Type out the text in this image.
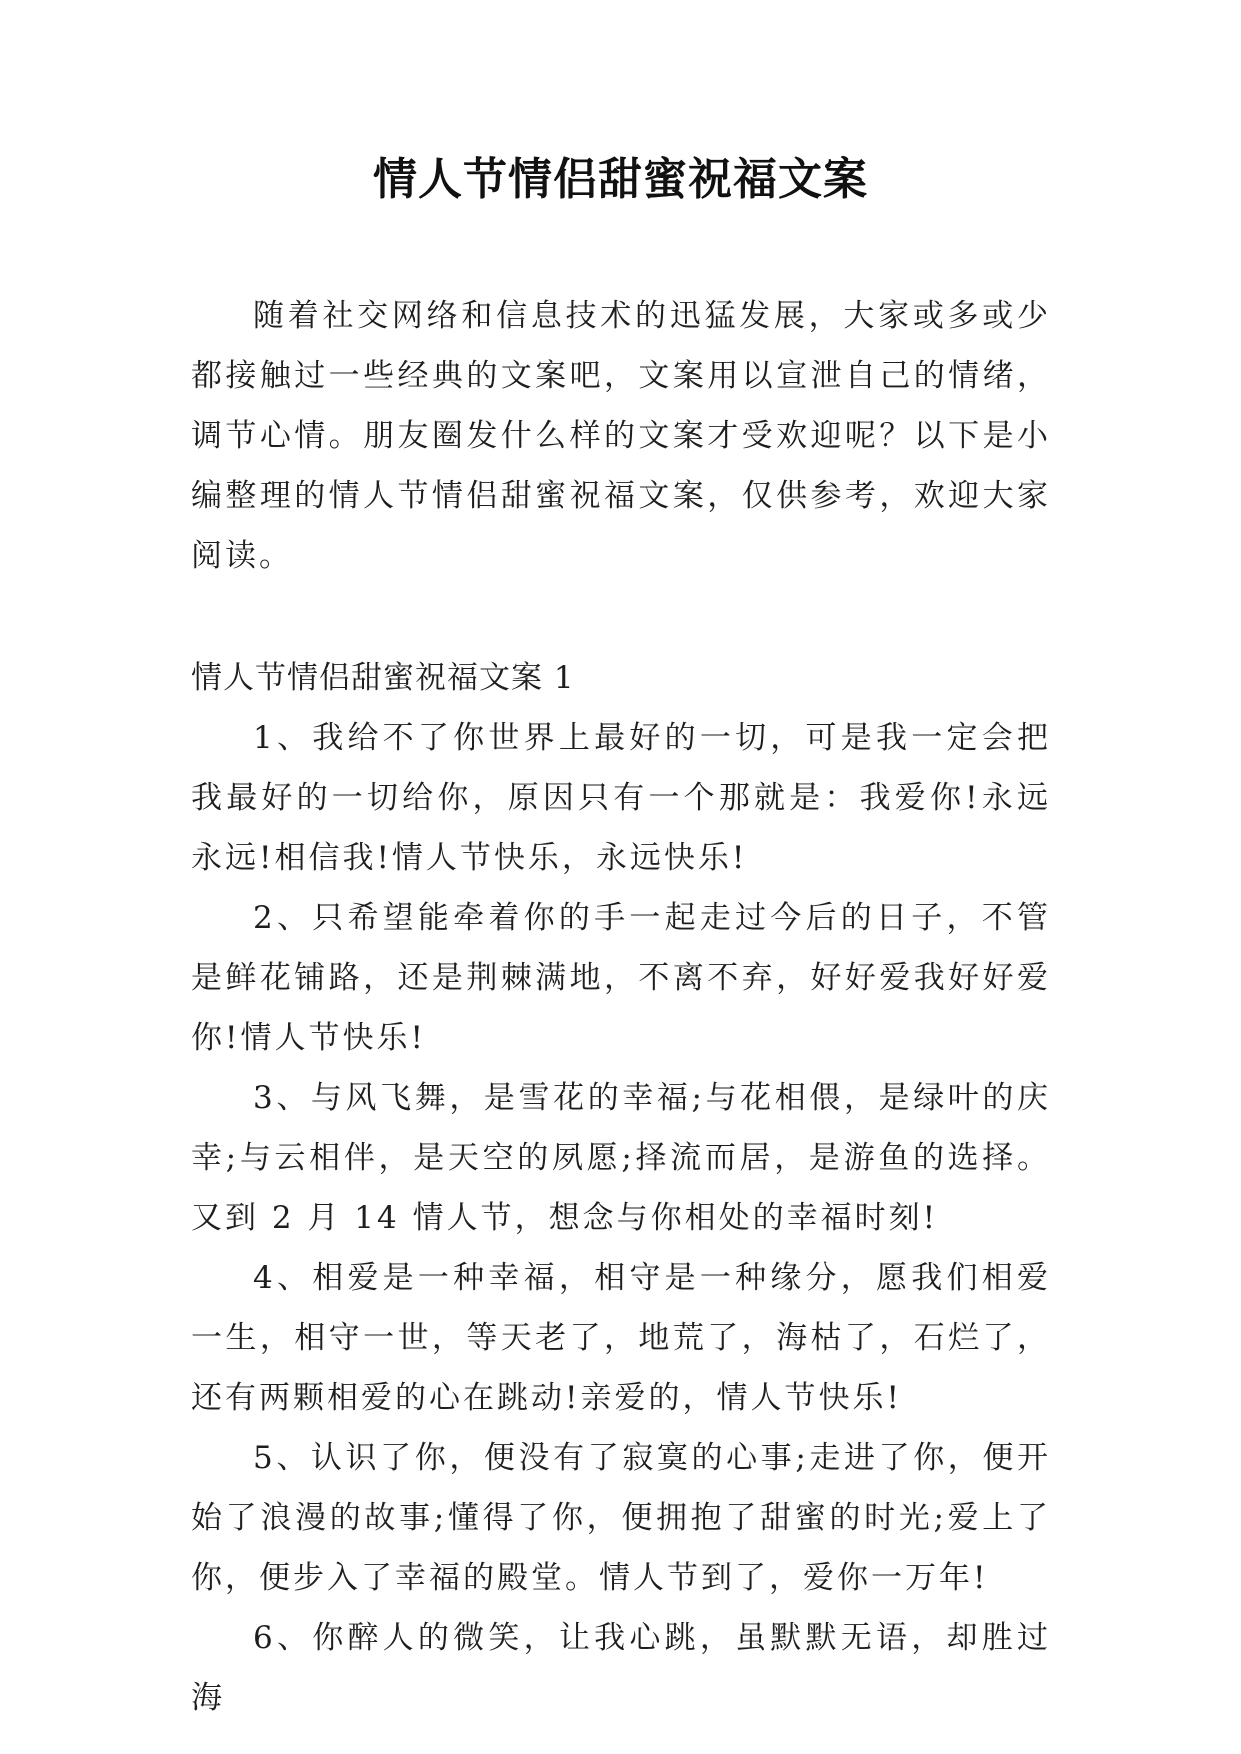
情人节情侣甜蜜祝福文案

随着社交网络和信息技术的迅猛发展，大家或多或少都接触过一些经典的文案吧，文案用以宣泄自己的情绪，调节心情。朋友圈发什么样的文案才受欢迎呢？以下是小编整理的情人节情侣甜蜜祝福文案，仅供参考，欢迎大家阅读。

情人节情侣甜蜜祝福文案 1

1、我给不了你世界上最好的一切，可是我一定会把我最好的一切给你，原因只有一个那就是：我爱你!永远永远!相信我!情人节快乐，永远快乐!

2、只希望能牵着你的手一起走过今后的日子，不管是鲜花铺路，还是荆棘满地，不离不弃，好好爱我好好爱你!情人节快乐!

3、与风飞舞，是雪花的幸福;与花相偎，是绿叶的庆幸;与云相伴，是天空的夙愿;择流而居，是游鱼的选择。又到 2 月 14 情人节，想念与你相处的幸福时刻!

4、相爱是一种幸福，相守是一种缘分，愿我们相爱一生，相守一世，等天老了，地荒了，海枯了，石烂了，还有两颗相爱的心在跳动!亲爱的，情人节快乐!

5、认识了你，便没有了寂寞的心事;走进了你，便开始了浪漫的故事;懂得了你，便拥抱了甜蜜的时光;爱上了你，便步入了幸福的殿堂。情人节到了，爱你一万年!

6、你醉人的微笑，让我心跳，虽默默无语，却胜过海
